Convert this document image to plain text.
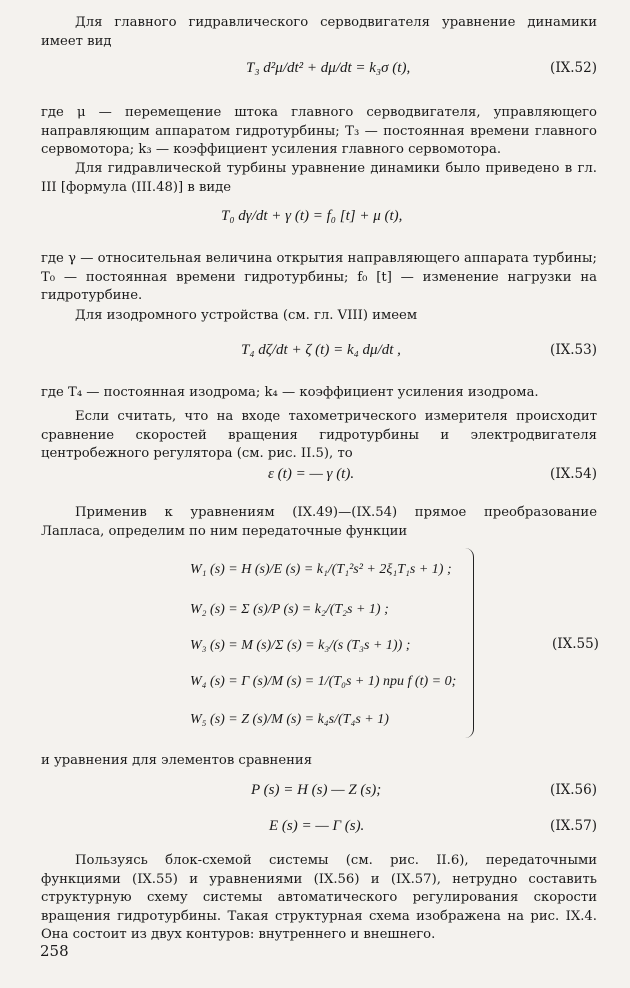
Для главного гидравлического серводвигателя уравнение динамики имеет вид

T₃ d²μ/dt² + dμ/dt = k₃σ (t),	(IX.52)

где μ — перемещение штока главного серводвигателя, управляющего направляющим аппаратом гидротурбины; T₃ — постоянная времени главного сервомотора; k₃ — коэффициент усиления главного сервомотора.

Для гидравлической турбины уравнение динамики было приведено в гл. III [формула (III.48)] в виде

T₀ dγ/dt + γ (t) = f₀ [t] + μ (t),

где γ — относительная величина открытия направляющего аппарата турбины; T₀ — постоянная времени гидротурбины; f₀ [t] — изменение нагрузки на гидротурбине.

Для изодромного устройства (см. гл. VIII) имеем

T₄ dζ/dt + ζ (t) = k₄ dμ/dt ,	(IX.53)

где T₄ — постоянная изодрома; k₄ — коэффициент усиления изодрома.

Если считать, что на входе тахометрического измерителя происходит сравнение скоростей вращения гидротурбины и электродвигателя центробежного регулятора (см. рис. II.5), то

ε (t) = — γ (t).	(IX.54)

Применив к уравнениям (IX.49)—(IX.54) прямое преобразование Лапласа, определим по ним передаточные функции

W₁ (s) = H (s)/E (s) = k₁/(T₁²s² + 2ξ₁T₁s + 1) ;
W₂ (s) = Σ (s)/P (s) = k₂/(T₂s + 1) ;
W₃ (s) = M (s)/Σ (s) = k₃/(s (T₃s + 1)) ;
W₄ (s) = Γ (s)/M (s) = 1/(T₀s + 1) при f (t) = 0;
W₅ (s) = Z (s)/M (s) = k₄s/(T₄s + 1)
(IX.55)

и уравнения для элементов сравнения

P (s) = H (s) — Z (s);	(IX.56)
E (s) = — Γ (s).	(IX.57)

Пользуясь блок-схемой системы (см. рис. II.6), передаточными функциями (IX.55) и уравнениями (IX.56) и (IX.57), нетрудно составить структурную схему системы автоматического регулирования скорости вращения гидротурбины. Такая структурная схема изображена на рис. IX.4. Она состоит из двух контуров: внутреннего и внешнего.

258
